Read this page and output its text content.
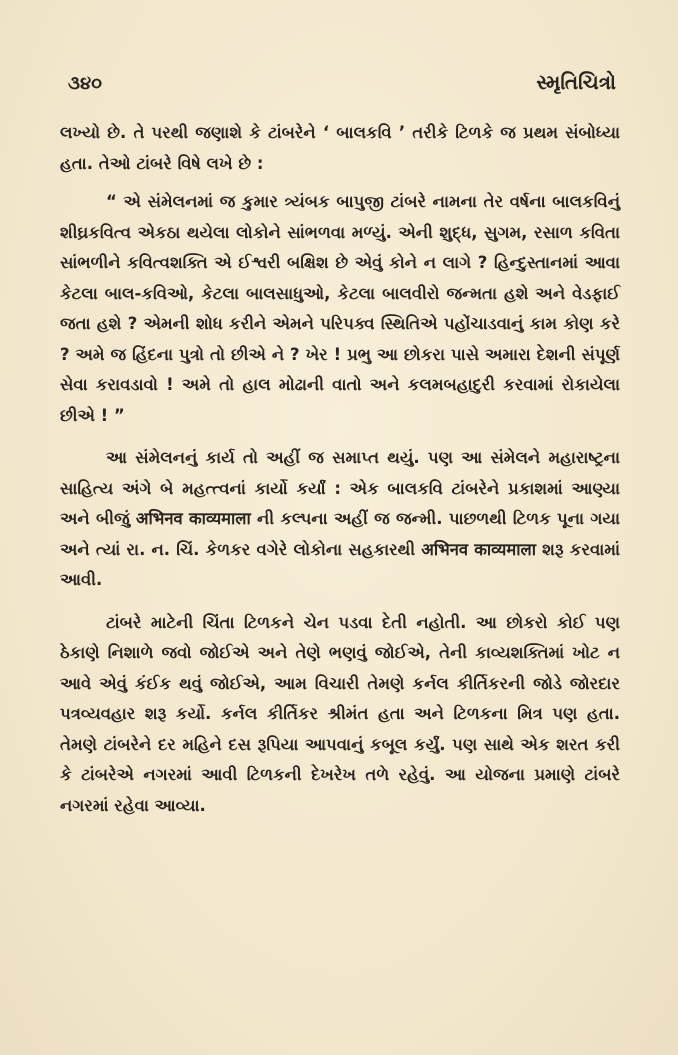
૩૪૦	સ્મૃતિચિત્રો

લખ્યો છે. તે પરથી જણાશે કે ટાંબરેને ‘ બાલકવિ ’ તરીકે ટિળકે જ પ્રથમ સંબોધ્યા હતા. તેઓ ટાંબરે વિષે લખે છે :

“ એ સંમેલનમાં જ કુમાર ત્ર્યંબક બાપુજી ટાંબરે નામના તેર વર્ષના બાલકવિનું શીઘ્રકવિત્વ એકઠા થયેલા લોકોને સાંભળવા મળ્યું. એની શુદ્ધ, સુગમ, રસાળ કવિતા સાંભળીને કવિત્વશક્તિ એ ઈશ્વરી બક્ષિશ છે એવું કોને ન લાગે ? હિન્દુસ્તાનમાં આવા કેટલા બાલ-કવિઓ, કેટલા બાલસાધુઓ, કેટલા બાલવીરો જન્મતા હશે અને વેડફાઈ જતા હશે ? એમની શોધ કરીને એમને પરિપક્વ સ્થિતિએ પહોંચાડવાનું કામ કોણ કરે ? અમે જ હિંદના પુત્રો તો છીએ ને ? ખેર ! પ્રભુ આ છોકરા પાસે અમારા દેશની સંપૂર્ણ સેવા કરાવડાવો ! અમે તો હાલ મોઢાની વાતો અને કલમબહાદુરી કરવામાં રોકાયેલા છીએ ! ”

આ સંમેલનનું કાર્ય તો અહીં જ સમાપ્ત થયું. પણ આ સંમેલને મહારાષ્ટ્રના સાહિત્ય અંગે બે મહત્ત્વનાં કાર્યો કર્યાં : એક બાલકવિ ટાંબરેને પ્રકાશમાં આણ્યા અને બીજું अभिनव काव्यमाला ની કલ્પના અહીં જ જન્મી. પાછળથી ટિળક પૂના ગયા અને ત્યાં રા. ન. ચિં. કેળકર વગેરે લોકોના સહકારથી अभिनव काव्यमाला શરૂ કરવામાં આવી.

ટાંબરે માટેની ચિંતા ટિળકને ચેન પડવા દેતી નહોતી. આ છોકરો કોઈ પણ ઠેકાણે નિશાળે જવો જોઈએ અને તેણે ભણવું જોઈએ, તેની કાવ્યશક્તિમાં ખોટ ન આવે એવું કંઈક થવું જોઈએ, આમ વિચારી તેમણે કર્નલ કીર્તિકરની જોડે જોરદાર પત્રવ્યવહાર શરૂ કર્યો. કર્નલ કીર્તિકર શ્રીમંત હતા અને ટિળકના મિત્ર પણ હતા. તેમણે ટાંબરેને દર મહિને દસ રૂપિયા આપવાનું કબૂલ કર્યું. પણ સાથે એક શરત કરી કે ટાંબરેએ નગરમાં આવી ટિળકની દેખરેખ તળે રહેવું. આ યોજના પ્રમાણે ટાંબરે નગરમાં રહેવા આવ્યા.
